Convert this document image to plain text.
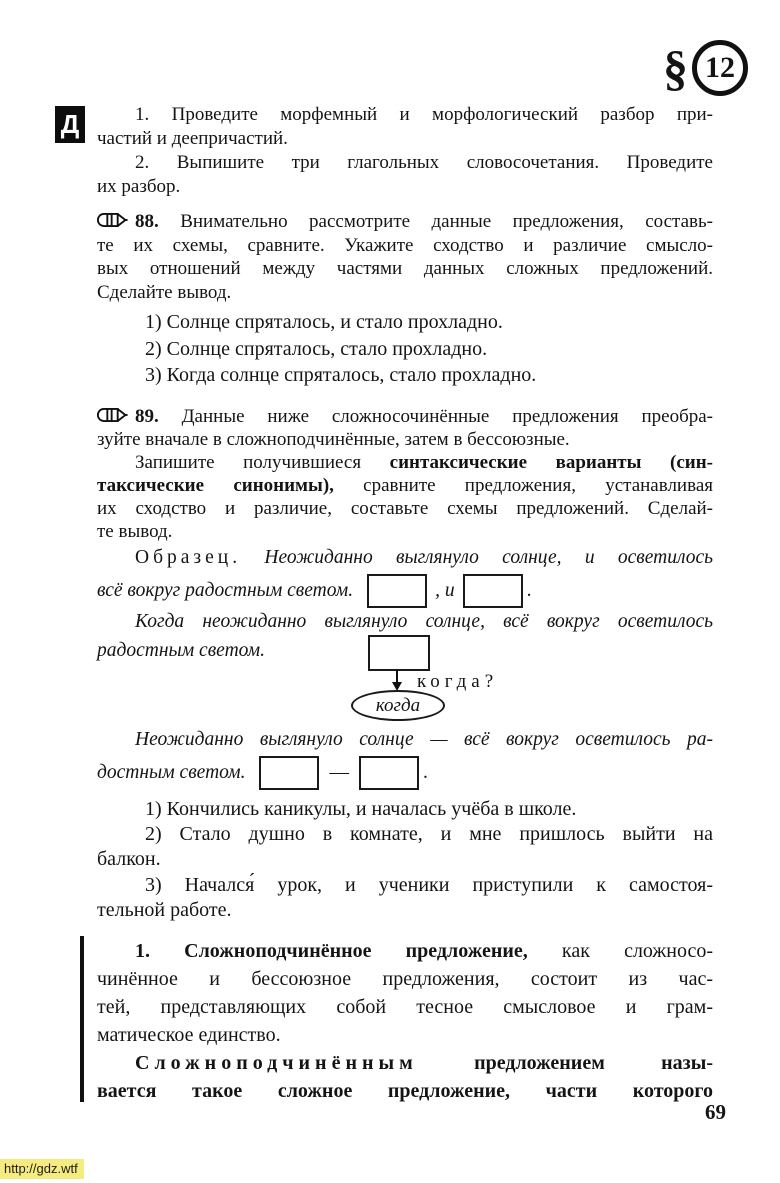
§ 12
Д	1. Проведите морфемный и морфологический разбор при-
частий и деепричастий.
2. Выпишите три глагольных словосочетания. Проведите
их разбор.
88. Внимательно рассмотрите данные предложения, составь-
те их схемы, сравните. Укажите сходство и различие смысло-
вых отношений между частями данных сложных предложений.
Сделайте вывод.
1) Солнце спряталось, и стало прохладно.
2) Солнце спряталось, стало прохладно.
3) Когда солнце спряталось, стало прохладно.
89. Данные ниже сложносочинённые предложения преобра-
зуйте вначале в сложноподчинённые, затем в бессоюзные.
Запишите получившиеся синтаксические варианты (син-
таксические синонимы), сравните предложения, устанавливая
их сходство и различие, составьте схемы предложений. Сделай-
те вывод.
Образец. Неожиданно выглянуло солнце, и осветилось
всё вокруг радостным светом.	, и	.
Когда неожиданно выглянуло солнце, всё вокруг осветилось
радостным светом.
когда?
когда
Неожиданно выглянуло солнце — всё вокруг осветилось ра-
достным светом.	—	.
1) Кончились каникулы, и началась учёба в школе.
2) Стало душно в комнате, и мне пришлось выйти на
балкон.
3) Начался́ урок, и ученики приступили к самостоя-
тельной работе.
1. Сложноподчинённое предложение, как сложносо-
чинённое и бессоюзное предложения, состоит из час-
тей, представляющих собой тесное смысловое и грам-
матическое единство.
Сложноподчинённым предложением назы-
вается такое сложное предложение, части которого
69
http://gdz.wtf
